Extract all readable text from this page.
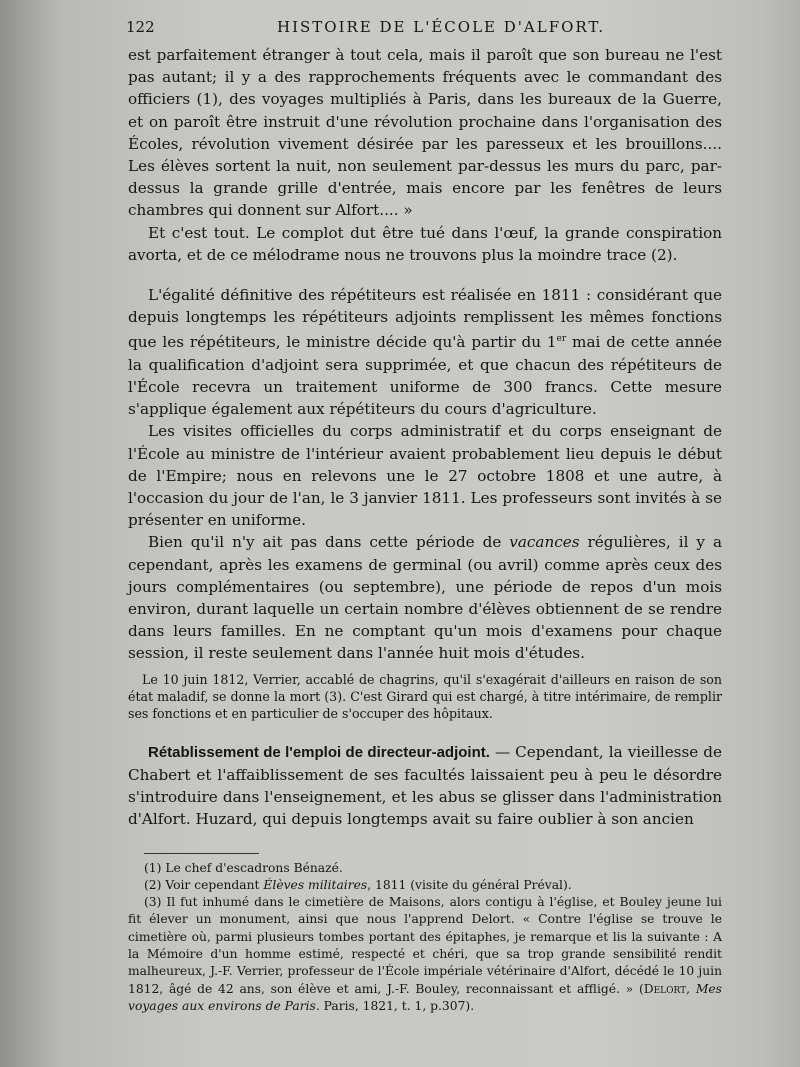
122	HISTOIRE DE L'ÉCOLE D'ALFORT.

est parfaitement étranger à tout cela, mais il paroît que son bureau ne l'est pas autant; il y a des rapprochements fréquents avec le commandant des officiers (1), des voyages multipliés à Paris, dans les bureaux de la Guerre, et on paroît être instruit d'une révolution prochaine dans l'organisation des Écoles, révolution vivement désirée par les paresseux et les brouillons.... Les élèves sortent la nuit, non seulement par-dessus les murs du parc, par-dessus la grande grille d'entrée, mais encore par les fenêtres de leurs chambres qui donnent sur Alfort.... »

Et c'est tout. Le complot dut être tué dans l'œuf, la grande conspiration avorta, et de ce mélodrame nous ne trouvons plus la moindre trace (2).

L'égalité définitive des répétiteurs est réalisée en 1811 : considérant que depuis longtemps les répétiteurs adjoints remplissent les mêmes fonctions que les répétiteurs, le ministre décide qu'à partir du 1er mai de cette année la qualification d'adjoint sera supprimée, et que chacun des répétiteurs de l'École recevra un traitement uniforme de 300 francs. Cette mesure s'applique également aux répétiteurs du cours d'agriculture.

Les visites officielles du corps administratif et du corps enseignant de l'École au ministre de l'intérieur avaient probablement lieu depuis le début de l'Empire; nous en relevons une le 27 octobre 1808 et une autre, à l'occasion du jour de l'an, le 3 janvier 1811. Les professeurs sont invités à se présenter en uniforme.

Bien qu'il n'y ait pas dans cette période de vacances régulières, il y a cependant, après les examens de germinal (ou avril) comme après ceux des jours complémentaires (ou septembre), une période de repos d'un mois environ, durant laquelle un certain nombre d'élèves obtiennent de se rendre dans leurs familles. En ne comptant qu'un mois d'examens pour chaque session, il reste seulement dans l'année huit mois d'études.

Le 10 juin 1812, Verrier, accablé de chagrins, qu'il s'exagérait d'ailleurs en raison de son état maladif, se donne la mort (3). C'est Girard qui est chargé, à titre intérimaire, de remplir ses fonctions et en particulier de s'occuper des hôpitaux.

Rétablissement de l'emploi de directeur-adjoint. — Cependant, la vieillesse de Chabert et l'affaiblissement de ses facultés laissaient peu à peu le désordre s'introduire dans l'enseignement, et les abus se glisser dans l'administration d'Alfort. Huzard, qui depuis longtemps avait su faire oublier à son ancien

(1) Le chef d'escadrons Bénazé.

(2) Voir cependant Élèves militaires, 1811 (visite du général Préval).

(3) Il fut inhumé dans le cimetière de Maisons, alors contigu à l'église, et Bouley jeune lui fit élever un monument, ainsi que nous l'apprend Delort. « Contre l'église se trouve le cimetière où, parmi plusieurs tombes portant des épitaphes, je remarque et lis la suivante : A la Mémoire d'un homme estimé, respecté et chéri, que sa trop grande sensibilité rendit malheureux, J.-F. Verrier, professeur de l'École impériale vétérinaire d'Alfort, décédé le 10 juin 1812, âgé de 42 ans, son élève et ami, J.-F. Bouley, reconnaissant et affligé. » (Delort, Mes voyages aux environs de Paris. Paris, 1821, t. 1, p.307).
